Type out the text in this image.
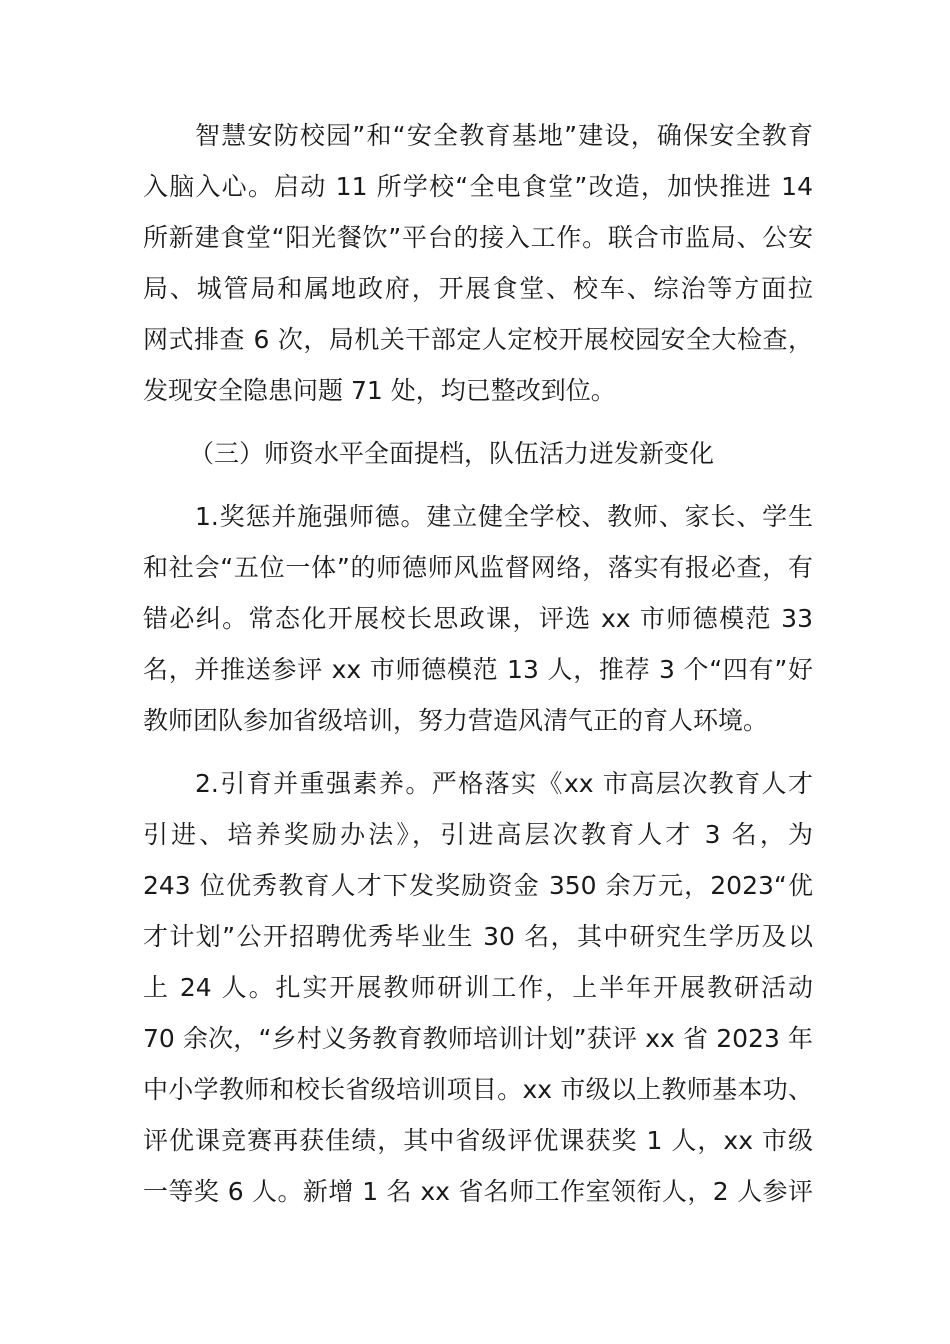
智慧安防校园”和“安全教育基地”建设，确保安全教育
入脑入心。启动 11 所学校“全电食堂”改造，加快推进 14
所新建食堂“阳光餐饮”平台的接入工作。联合市监局、公安
局、城管局和属地政府，开展食堂、校车、综治等方面拉
网式排查 6 次，局机关干部定人定校开展校园安全大检查，
发现安全隐患问题 71 处，均已整改到位。
（三）师资水平全面提档，队伍活力迸发新变化
1.奖惩并施强师德。建立健全学校、教师、家长、学生
和社会“五位一体”的师德师风监督网络，落实有报必查，有
错必纠。常态化开展校长思政课，评选 xx 市师德模范 33
名，并推送参评 xx 市师德模范 13 人，推荐 3 个“四有”好
教师团队参加省级培训，努力营造风清气正的育人环境。
2.引育并重强素养。严格落实《xx 市高层次教育人才
引进、培养奖励办法》，引进高层次教育人才 3 名，为
243 位优秀教育人才下发奖励资金 350 余万元，2023“优
才计划”公开招聘优秀毕业生 30 名，其中研究生学历及以
上 24 人。扎实开展教师研训工作，上半年开展教研活动
70 余次，“乡村义务教育教师培训计划”获评 xx 省 2023 年
中小学教师和校长省级培训项目。xx 市级以上教师基本功、
评优课竞赛再获佳绩，其中省级评优课获奖 1 人，xx 市级
一等奖 6 人。新增 1 名 xx 省名师工作室领衔人，2 人参评
